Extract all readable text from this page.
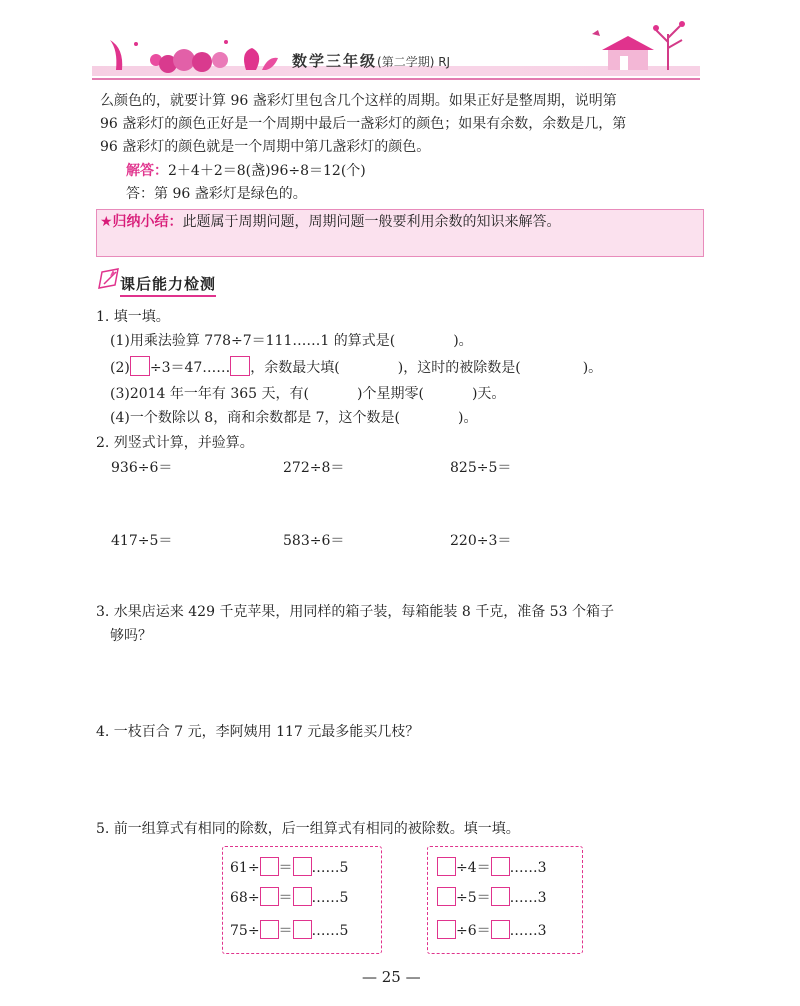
数学三年级(第二学期) RJ
么颜色的，就要计算 96 盏彩灯里包含几个这样的周期。如果正好是整周期，说明第
96 盏彩灯的颜色正好是一个周期中最后一盏彩灯的颜色；如果有余数，余数是几，第
96 盏彩灯的颜色就是一个周期中第几盏彩灯的颜色。
解答：2＋4＋2＝8(盏)96÷8＝12(个)
答：第 96 盏彩灯是绿色的。
★归纳小结：此题属于周期问题，周期问题一般要利用余数的知识来解答。
课后能力检测
1. 填一填。
(1)用乘法验算 778÷7＝111……1 的算式是(	)。
(2) ÷3＝47…… ，余数最大填(	)，这时的被除数是(	)。
(3)2014 年一年有 365 天，有(	)个星期零(	)天。
(4)一个数除以 8，商和余数都是 7，这个数是(	)。
2. 列竖式计算，并验算。
936÷6＝	272÷8＝	825÷5＝
417÷5＝	583÷6＝	220÷3＝
3. 水果店运来 429 千克苹果，用同样的箱子装，每箱能装 8 千克，准备 53 个箱子
够吗？
4. 一枝百合 7 元，李阿姨用 117 元最多能买几枝？
5. 前一组算式有相同的除数，后一组算式有相同的被除数。填一填。
61÷ ＝ ……5
68÷ ＝ ……5
75÷ ＝ ……5
÷4＝ ……3
÷5＝ ……3
÷6＝ ……3
— 25 —
